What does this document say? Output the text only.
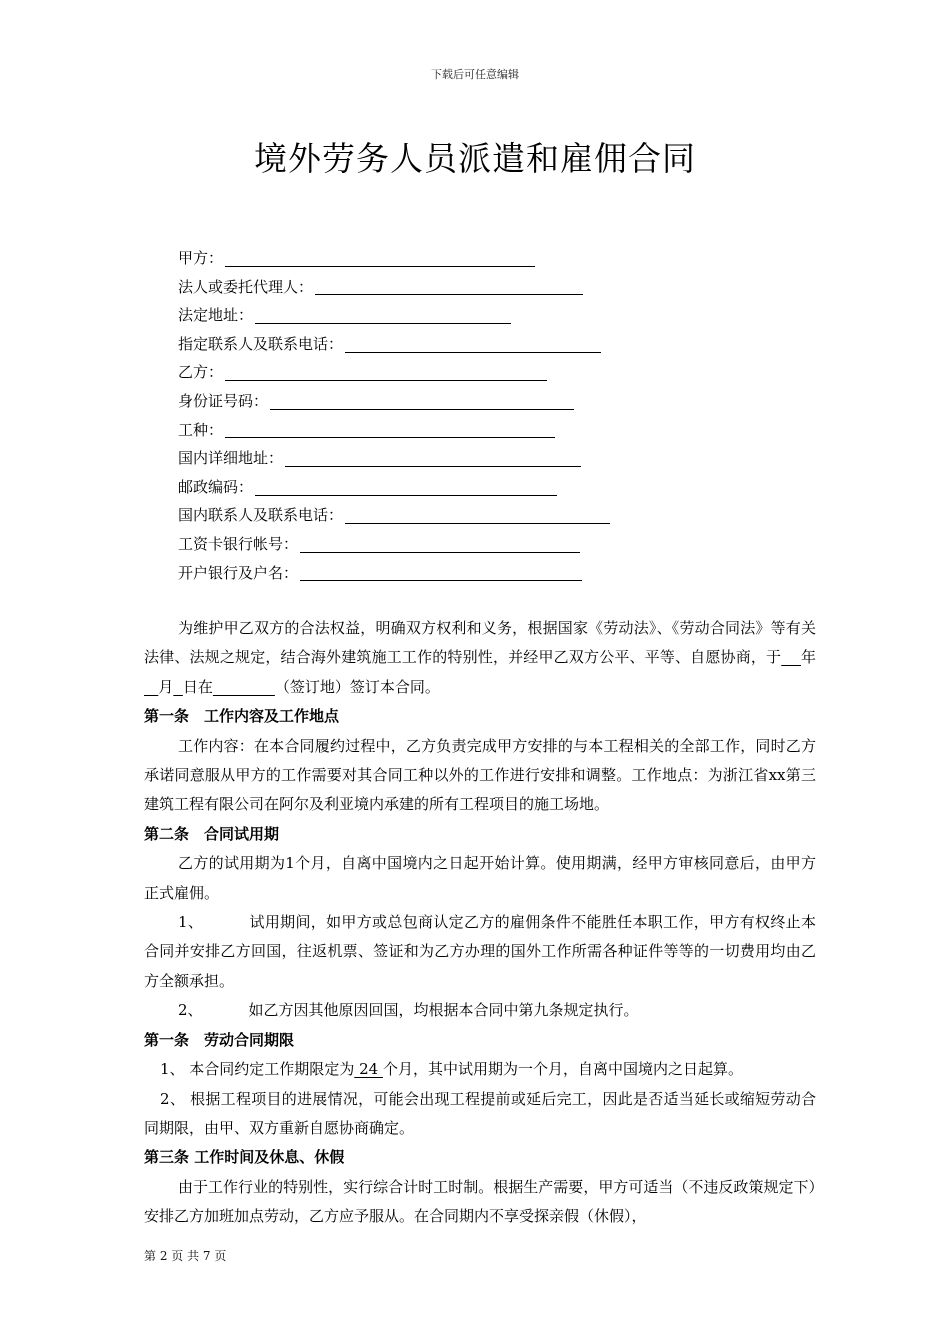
下载后可任意编辑
境外劳务人员派遣和雇佣合同
甲方：
法人或委托代理人：
法定地址：
指定联系人及联系电话：
乙方：
身份证号码：
工种：
国内详细地址：
邮政编码：
国内联系人及联系电话：
工资卡银行帐号：
开户银行及户名：

为维护甲乙双方的合法权益，明确双方权利和义务，根据国家《劳动法》、《劳动合同法》等有关法律、法规之规定，结合海外建筑施工工作的特别性，并经甲乙双方公平、平等、自愿协商，于 年   月 日在	（签订地）签订本合同。

第一条　工作内容及工作地点

工作内容：在本合同履约过程中，乙方负责完成甲方安排的与本工程相关的全部工作，同时乙方承诺同意服从甲方的工作需要对其合同工种以外的工作进行安排和调整。工作地点：为浙江省xx第三建筑工程有限公司在阿尔及利亚境内承建的所有工程项目的施工场地。

第二条　合同试用期

乙方的试用期为1个月，自离中国境内之日起开始计算。使用期满，经甲方审核同意后，由甲方正式雇佣。

1、	试用期间，如甲方或总包商认定乙方的雇佣条件不能胜任本职工作，甲方有权终止本合同并安排乙方回国，往返机票、签证和为乙方办理的国外工作所需各种证件等等的一切费用均由乙方全额承担。

2、	如乙方因其他原因回国，均根据本合同中第九条规定执行。

第一条　劳动合同期限

1、 本合同约定工作期限定为 24 个月，其中试用期为一个月，自离中国境内之日起算。

2、 根据工程项目的进展情况，可能会出现工程提前或延后完工，因此是否适当延长或缩短劳动合同期限，由甲、双方重新自愿协商确定。

第三条 工作时间及休息、休假

由于工作行业的特别性，实行综合计时工时制。根据生产需要，甲方可适当（不违反政策规定下）安排乙方加班加点劳动，乙方应予服从。在合同期内不享受探亲假（休假），

第 2 页 共 7 页
